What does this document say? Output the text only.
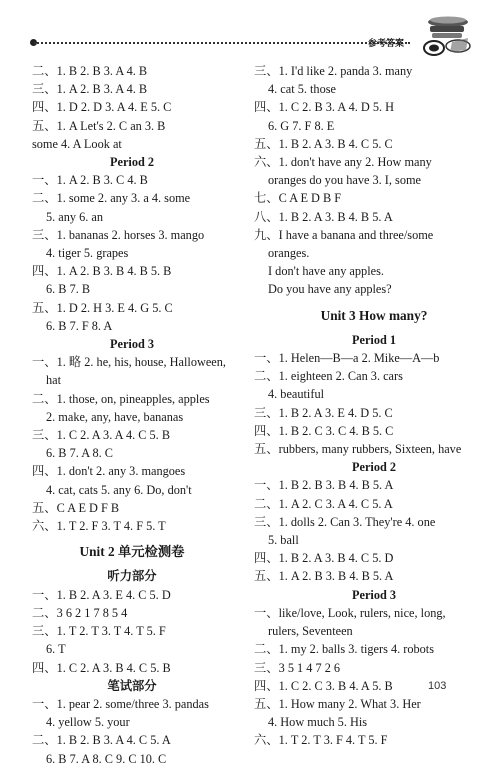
参考答案
二、1. B 2. B 3. A 4. B
三、1. A 2. B 3. A 4. B
四、1. D 2. D 3. A 4. E 5. C
五、1. A Let's 2. C an 3. B
some 4. A Look at
Period 2
一、1. A 2. B 3. C 4. B
二、1. some 2. any 3. a 4. some
5. any 6. an
三、1. bananas 2. horses 3. mango
4. tiger 5. grapes
四、1. A 2. B 3. B 4. B 5. B
6. B 7. B
五、1. D 2. H 3. E 4. G 5. C
6. B 7. F 8. A
Period 3
一、1. 略 2. he, his, house, Halloween,
hat
二、1. those, on, pineapples, apples
2. make, any, have, bananas
三、1. C 2. A 3. A 4. C 5. B
6. B 7. A 8. C
四、1. don't 2. any 3. mangoes
4. cat, cats 5. any 6. Do, don't
五、C A E D F B
六、1. T 2. F 3. T 4. F 5. T
Unit 2 单元检测卷
听力部分
一、1. B 2. A 3. E 4. C 5. D
二、3 6 2 1 7 8 5 4
三、1. T 2. T 3. T 4. T 5. F
6. T
四、1. C 2. A 3. B 4. C 5. B
笔试部分
一、1. pear 2. some/three 3. pandas
4. yellow 5. your
二、1. B 2. B 3. A 4. C 5. A
6. B 7. A 8. C 9. C 10. C
三、1. I'd like 2. panda 3. many
4. cat 5. those
四、1. C 2. B 3. A 4. D 5. H
6. G 7. F 8. E
五、1. B 2. A 3. B 4. C 5. C
六、1. don't have any 2. How many
oranges do you have 3. I, some
七、C A E D B F
八、1. B 2. A 3. B 4. B 5. A
九、I have a banana and three/some
oranges.
I don't have any apples.
Do you have any apples?
Unit 3 How many?
Period 1
一、1. Helen—B—a 2. Mike—A—b
二、1. eighteen 2. Can 3. cars
4. beautiful
三、1. B 2. A 3. E 4. D 5. C
四、1. B 2. C 3. C 4. B 5. C
五、rubbers, many rubbers, Sixteen, have
Period 2
一、1. B 2. B 3. B 4. B 5. A
二、1. A 2. C 3. A 4. C 5. A
三、1. dolls 2. Can 3. They're 4. one
5. ball
四、1. B 2. A 3. B 4. C 5. D
五、1. A 2. B 3. B 4. B 5. A
Period 3
一、like/love, Look, rulers, nice, long,
rulers, Seventeen
二、1. my 2. balls 3. tigers 4. robots
三、3 5 1 4 7 2 6
四、1. C 2. C 3. B 4. A 5. B
五、1. How many 2. What 3. Her
4. How much 5. His
六、1. T 2. T 3. F 4. T 5. F
103
